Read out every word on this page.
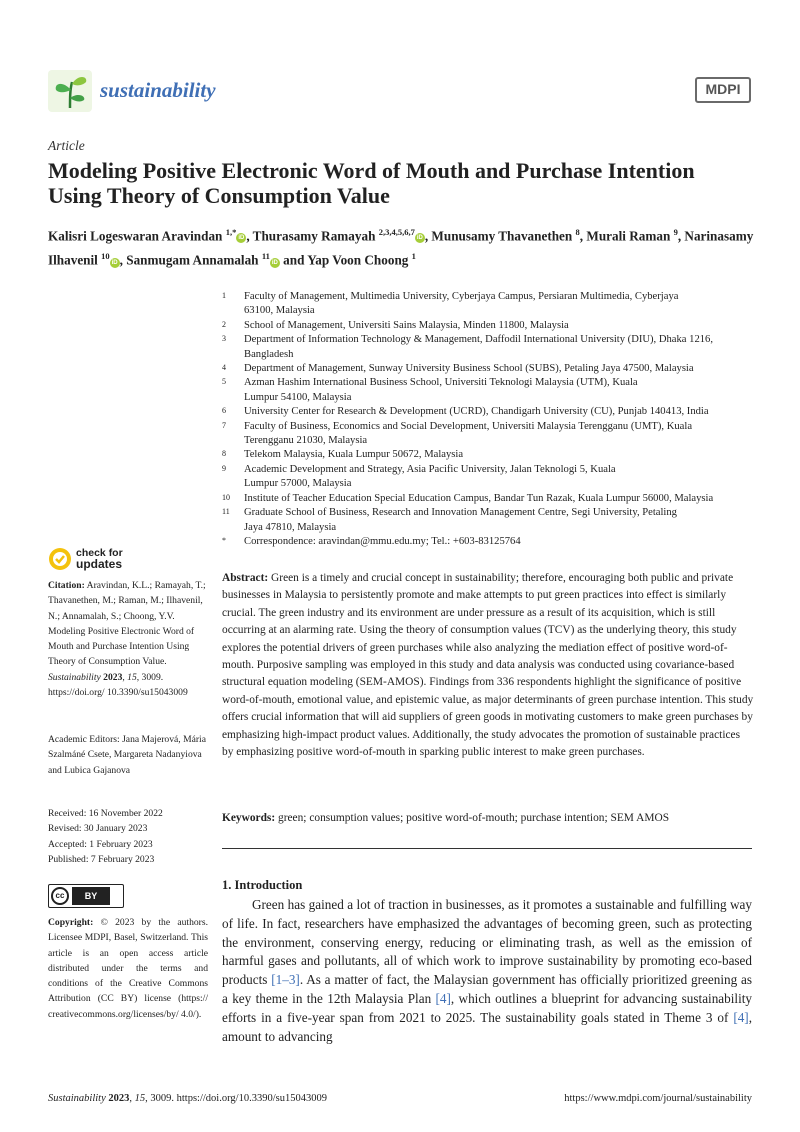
sustainability	MDPI
Article
Modeling Positive Electronic Word of Mouth and Purchase Intention Using Theory of Consumption Value
Kalisri Logeswaran Aravindan $^{1,*}$iD , Thurasamy Ramayah $^{2,3,4,5,6,7}$iD , Munusamy Thavanethen $^8$, Murali Raman $^9$, Narinasamy Ilhavenil $^{10}$iD , Sanmugam Annamalah $^{11}$iD and Yap Voon Choong $^1$
1	Faculty of Management, Multimedia University, Cyberjaya Campus, Persiaran Multimedia, Cyberjaya 63100, Malaysia
2	School of Management, Universiti Sains Malaysia, Minden 11800, Malaysia
3	Department of Information Technology & Management, Daffodil International University (DIU), Dhaka 1216, Bangladesh
4	Department of Management, Sunway University Business School (SUBS), Petaling Jaya 47500, Malaysia
5	Azman Hashim International Business School, Universiti Teknologi Malaysia (UTM), Kuala Lumpur 54100, Malaysia
6	University Center for Research & Development (UCRD), Chandigarh University (CU), Punjab 140413, India
7	Faculty of Business, Economics and Social Development, Universiti Malaysia Terengganu (UMT), Kuala Terengganu 21030, Malaysia
8	Telekom Malaysia, Kuala Lumpur 50672, Malaysia
9	Academic Development and Strategy, Asia Pacific University, Jalan Teknologi 5, Kuala Lumpur 57000, Malaysia
10	Institute of Teacher Education Special Education Campus, Bandar Tun Razak, Kuala Lumpur 56000, Malaysia
11	Graduate School of Business, Research and Innovation Management Centre, Segi University, Petaling Jaya 47810, Malaysia
*	Correspondence: aravindan@mmu.edu.my; Tel.: +603-83125764
check for
updates
Citation: Aravindan, K.L.; Ramayah, T.; Thavanethen, M.; Raman, M.; Ilhavenil, N.; Annamalah, S.; Choong, Y.V. Modeling Positive Electronic Word of Mouth and Purchase Intention Using Theory of Consumption Value. Sustainability 2023, 15, 3009. https://doi.org/ 10.3390/su15043009
Academic Editors: Jana Majerová, Mária Szalmáné Csete, Margareta Nadanyiova and Lubica Gajanova
Received: 16 November 2022
Revised: 30 January 2023
Accepted: 1 February 2023
Published: 7 February 2023
cc	BY
Copyright: © 2023 by the authors. Licensee MDPI, Basel, Switzerland. This article is an open access article distributed under the terms and conditions of the Creative Commons Attribution (CC BY) license (https:// creativecommons.org/licenses/by/ 4.0/).
Abstract: Green is a timely and crucial concept in sustainability; therefore, encouraging both public and private businesses in Malaysia to persistently promote and make attempts to put green practices into effect is similarly crucial. The green industry and its environment are under pressure as a result of its acquisition, which is still occurring at an alarming rate. Using the theory of consumption values (TCV) as the underlying theory, this study explores the potential drivers of green purchases while also analyzing the mediation effect of positive word-of-mouth. Purposive sampling was employed in this study and data analysis was conducted using covariance-based structural equation modeling (SEM-AMOS). Findings from 336 respondents highlight the significance of positive word-of-mouth, emotional value, and epistemic value, as major determinants of green purchase intention. This study offers crucial information that will aid suppliers of green goods in motivating customers to make green purchases by emphasizing high-impact product values. Additionally, the study advocates the promotion of sustainable practices by emphasizing positive word-of-mouth in sparking public interest to make green purchases.
Keywords: green; consumption values; positive word-of-mouth; purchase intention; SEM AMOS
1. Introduction
Green has gained a lot of traction in businesses, as it promotes a sustainable and fulfilling way of life. In fact, researchers have emphasized the advantages of becoming green, such as protecting the environment, conserving energy, reducing or eliminating trash, as well as the emission of harmful gases and pollutants, all of which work to improve sustainability by promoting eco-based products [1–3]. As a matter of fact, the Malaysian government has officially prioritized greening as a key theme in the 12th Malaysia Plan [4], which outlines a blueprint for advancing sustainability efforts in a five-year span from 2021 to 2025. The sustainability goals stated in Theme 3 of [4], amount to advancing
Sustainability 2023, 15, 3009. https://doi.org/10.3390/su15043009	https://www.mdpi.com/journal/sustainability
